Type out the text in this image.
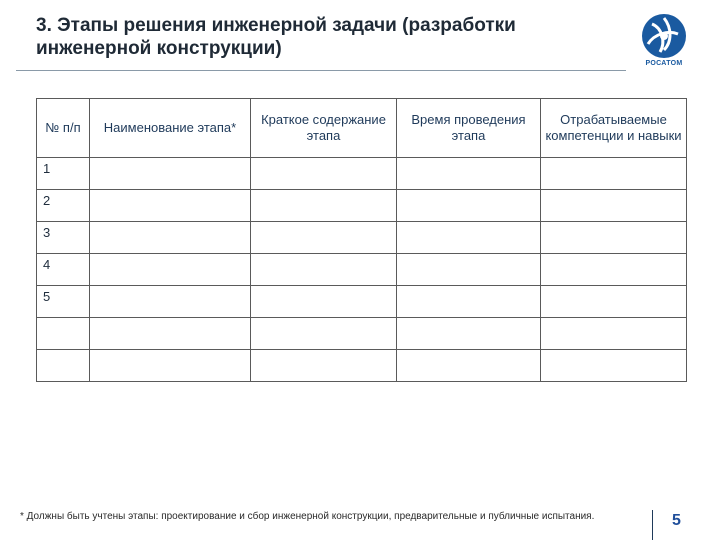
3. Этапы решения инженерной задачи (разработки инженерной конструкции)
РОСАТОМ
№ п/п	Наименование этапа*	Краткое содержание этапа	Время проведения этапа	Отрабатываемые компетенции и навыки
1				
2				
3				
4				
5				

* Должны быть учтены этапы: проектирование и сбор инженерной конструкции, предварительные и публичные испытания.	5
